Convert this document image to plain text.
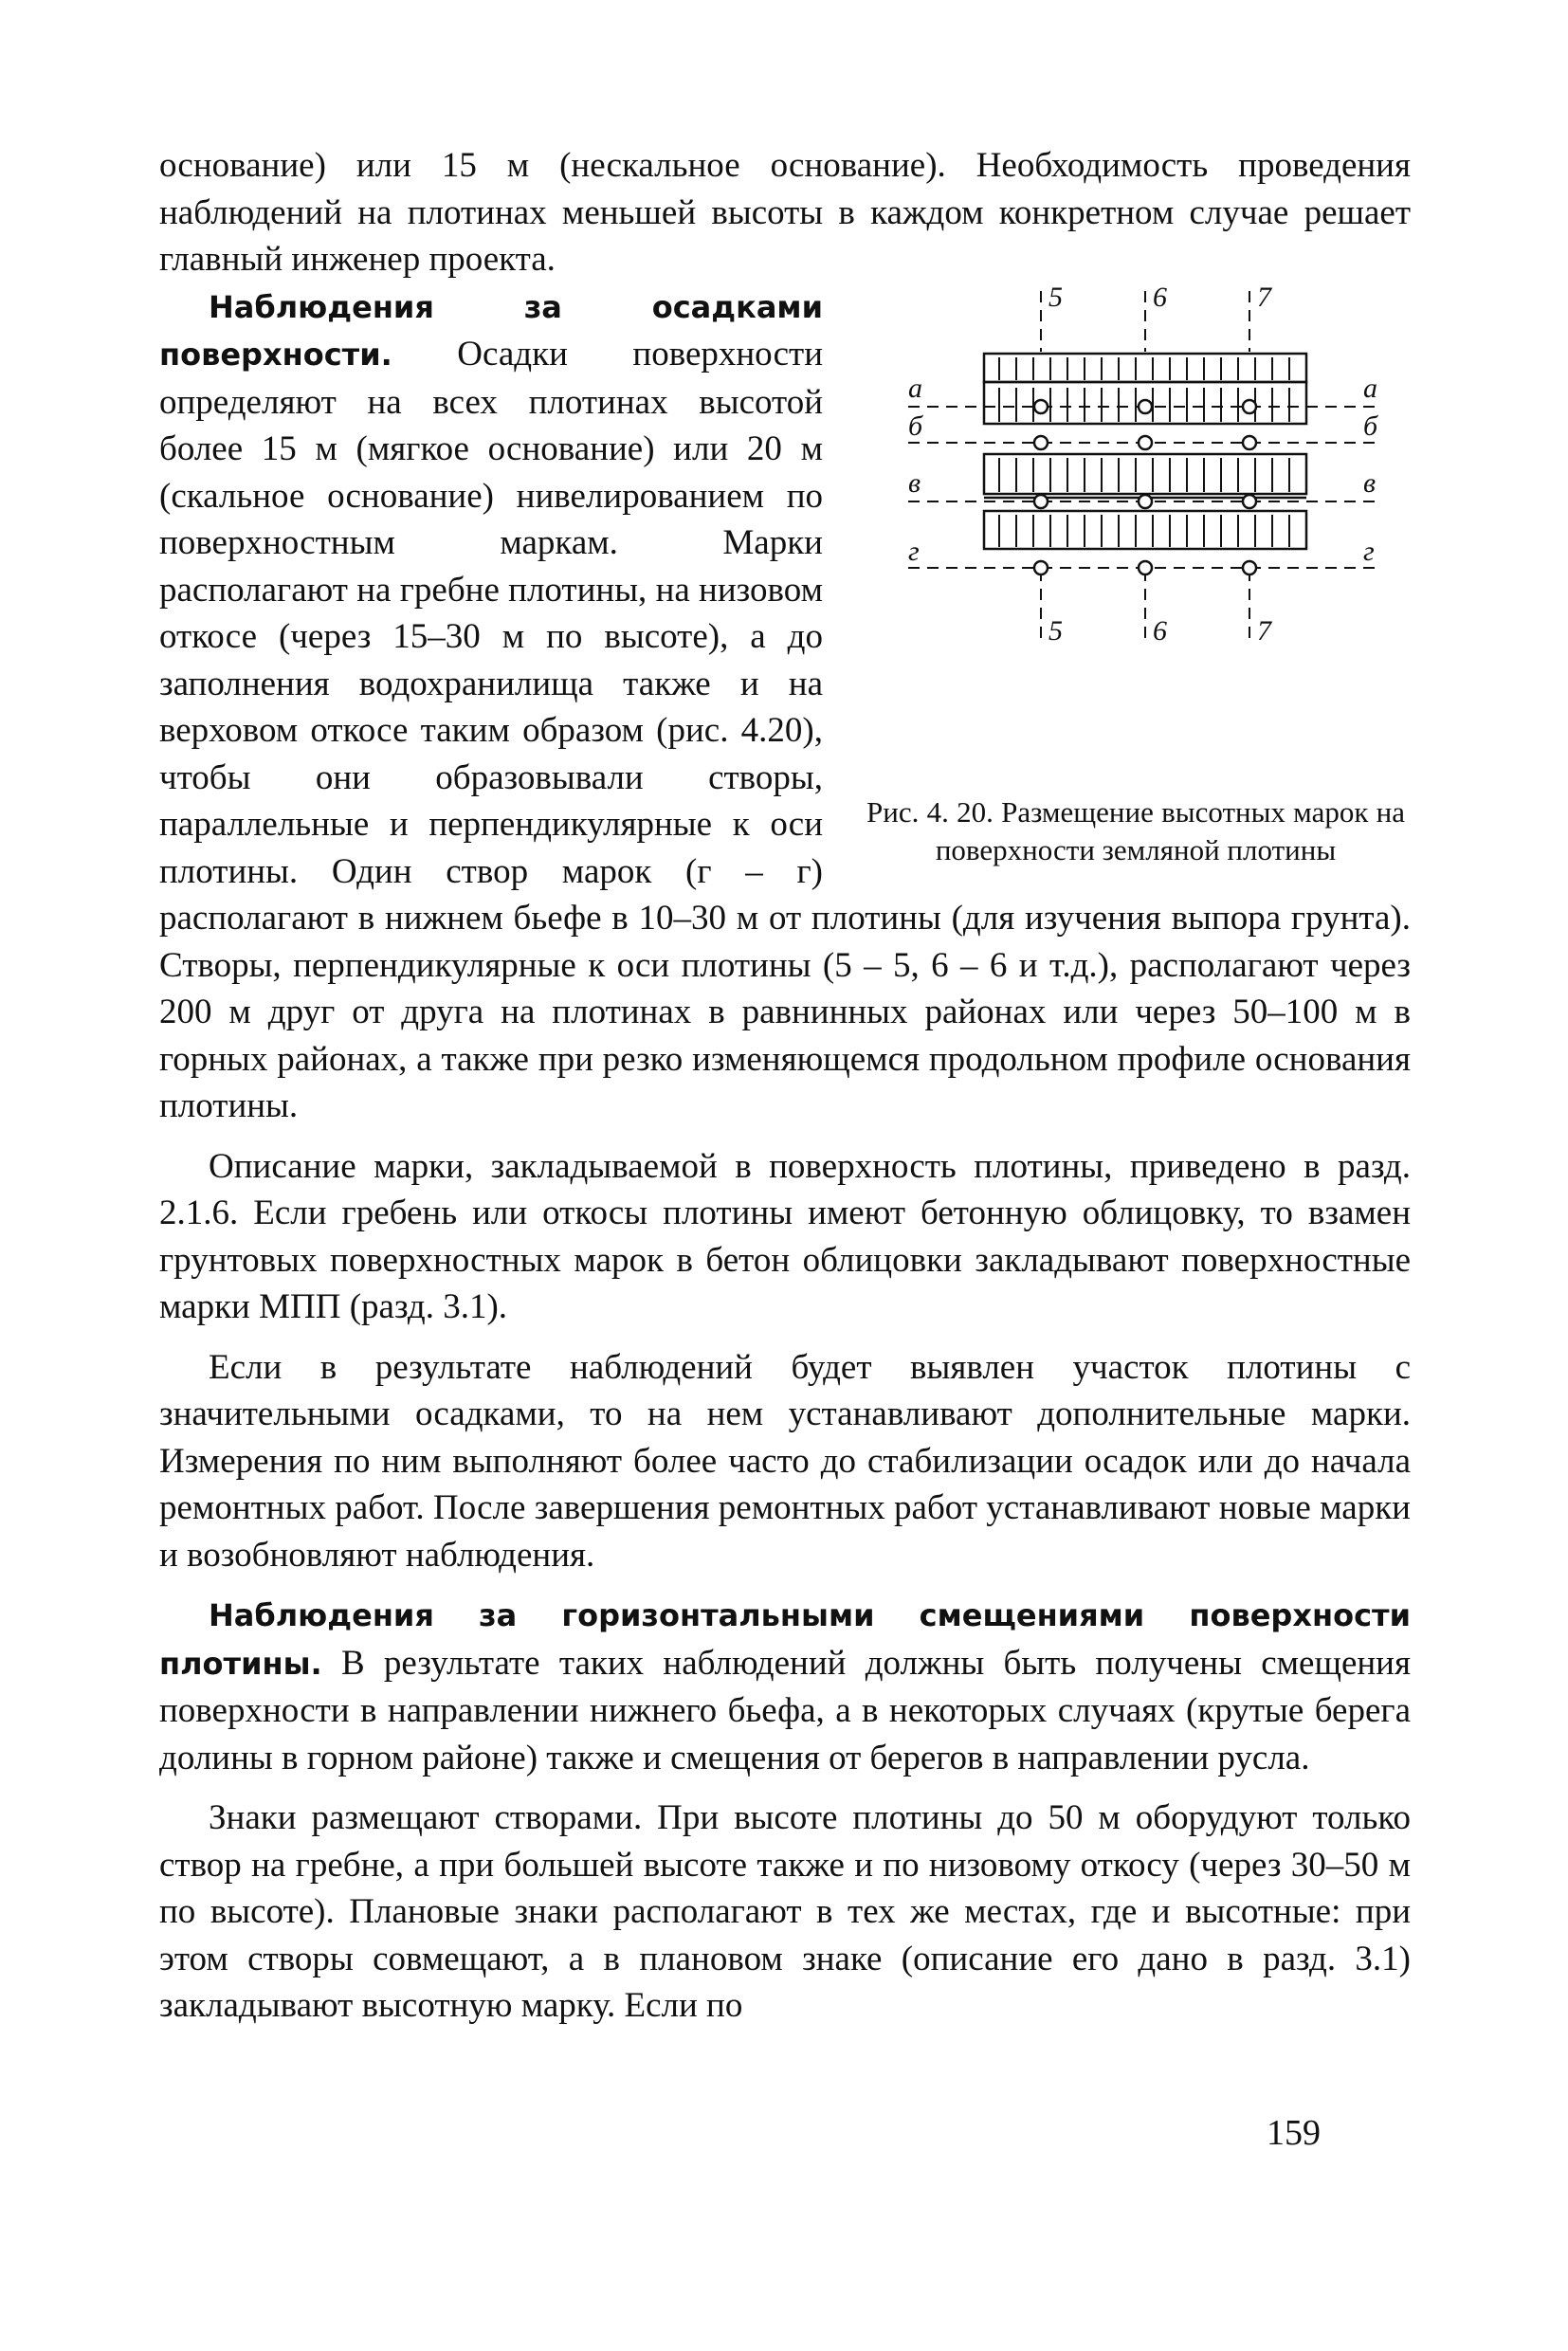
основание) или 15 м (нескальное основание). Необходимость проведения наблюдений на плотинах меньшей высоты в каждом конкретном случае решает главный инженер проекта.

5	6	7
5	6	7
а
б
в
г
а
б
в
г
Рис. 4. 20. Размещение высотных марок на поверхности земляной плотины

Наблюдения за осадками поверхности. Осадки поверхности определяют на всех плотинах высотой более 15 м (мягкое основание) или 20 м (скальное основание) нивелированием по поверхностным маркам. Марки располагают на гребне плотины, на низовом откосе (через 15–30 м по высоте), а до заполнения водохранилища также и на верховом откосе таким образом (рис. 4.20), чтобы они образовывали створы, параллельные и перпендикулярные к оси плотины. Один створ марок (г – г) располагают в нижнем бьефе в 10–30 м от плотины (для изучения выпора грунта). Створы, перпендикулярные к оси плотины (5 – 5, 6 – 6 и т.д.), располагают через 200 м друг от друга на плотинах в равнинных районах или через 50–100 м в горных районах, а также при резко изменяющемся продольном профиле основания плотины.

Описание марки, закладываемой в поверхность плотины, приведено в разд. 2.1.6. Если гребень или откосы плотины имеют бетонную облицовку, то взамен грунтовых поверхностных марок в бетон облицовки закладывают поверхностные марки МПП (разд. 3.1).

Если в результате наблюдений будет выявлен участок плотины с значительными осадками, то на нем устанавливают дополнительные марки. Измерения по ним выполняют более часто до стабилизации осадок или до начала ремонтных работ. После завершения ремонтных работ устанавливают новые марки и возобновляют наблюдения.

Наблюдения за горизонтальными смещениями поверхности плотины. В результате таких наблюдений должны быть получены смещения поверхности в направлении нижнего бьефа, а в некоторых случаях (крутые берега долины в горном районе) также и смещения от берегов в направлении русла.

Знаки размещают створами. При высоте плотины до 50 м оборудуют только створ на гребне, а при большей высоте также и по низовому откосу (через 30–50 м по высоте). Плановые знаки располагают в тех же местах, где и высотные: при этом створы совмещают, а в плановом знаке (описание его дано в разд. 3.1) закладывают высотную марку. Если по

159
